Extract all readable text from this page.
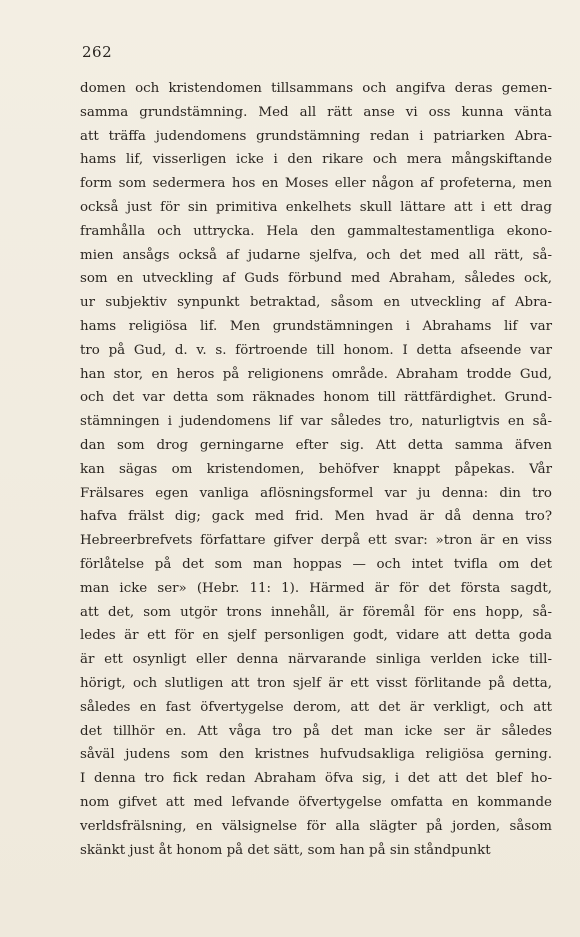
262
domen och kristendomen tillsammans och angifva deras gemen-
samma grundstämning. Med all rätt anse vi oss kunna vänta
att träffa judendomens grundstämning redan i patriarken Abra-
hams lif, visserligen icke i den rikare och mera mångskiftande
form som sedermera hos en Moses eller någon af profeterna, men
också just för sin primitiva enkelhets skull lättare att i ett drag
framhålla och uttrycka. Hela den gammaltestamentliga ekono-
mien ansågs också af judarne sjelfva, och det med all rätt, så-
som en utveckling af Guds förbund med Abraham, således ock,
ur subjektiv synpunkt betraktad, såsom en utveckling af Abra-
hams religiösa lif. Men grundstämningen i Abrahams lif var
tro på Gud, d. v. s. förtroende till honom. I detta afseende var
han stor, en heros på religionens område. Abraham trodde Gud,
och det var detta som räknades honom till rättfärdighet. Grund-
stämningen i judendomens lif var således tro, naturligtvis en så-
dan som drog gerningarne efter sig. Att detta samma äfven
kan sägas om kristendomen, behöfver knappt påpekas. Vår
Frälsares egen vanliga aflösningsformel var ju denna: din tro
hafva frälst dig; gack med frid. Men hvad är då denna tro?
Hebreerbrefvets författare gifver derpå ett svar: »tron är en viss
förlåtelse på det som man hoppas — och intet tvifla om det
man icke ser» (Hebr. 11: 1). Härmed är för det första sagdt,
att det, som utgör trons innehåll, är föremål för ens hopp, så-
ledes är ett för en sjelf personligen godt, vidare att detta goda
är ett osynligt eller denna närvarande sinliga verlden icke till-
hörigt, och slutligen att tron sjelf är ett visst förlitande på detta,
således en fast öfvertygelse derom, att det är verkligt, och att
det tillhör en. Att våga tro på det man icke ser är således
såväl judens som den kristnes hufvudsakliga religiösa gerning.
I denna tro fick redan Abraham öfva sig, i det att det blef ho-
nom gifvet att med lefvande öfvertygelse omfatta en kommande
verldsfrälsning, en välsignelse för alla slägter på jorden, såsom
skänkt just åt honom på det sätt, som han på sin ståndpunkt
